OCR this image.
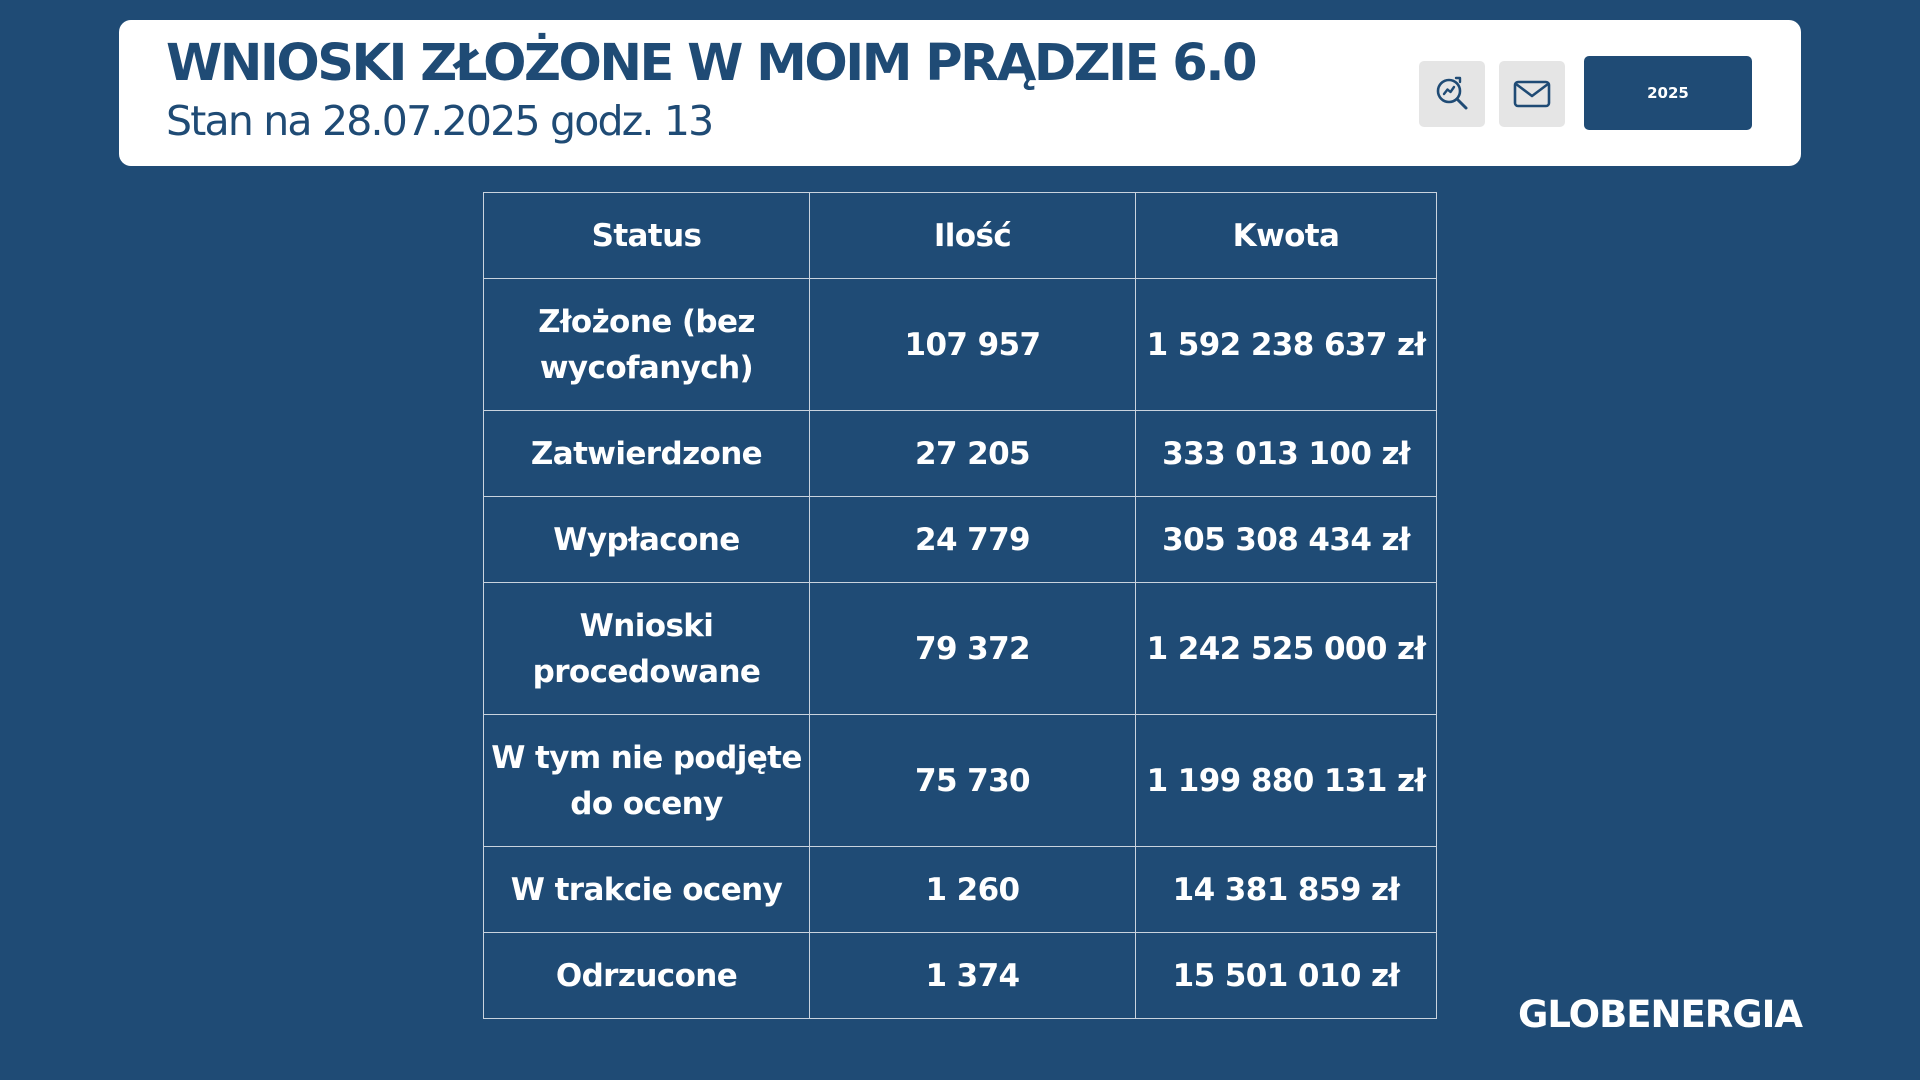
WNIOSKI ZŁOŻONE W MOIM PRĄDZIE 6.0
Stan na 28.07.2025 godz. 13
2025
Status	Ilość	Kwota
Złożone (bez wycofanych)	107 957	1 592 238 637 zł
Zatwierdzone	27 205	333 013 100 zł
Wypłacone	24 779	305 308 434 zł
Wnioski procedowane	79 372	1 242 525 000 zł
W tym nie podjęte do oceny	75 730	1 199 880 131 zł
W trakcie oceny	1 260	14 381 859 zł
Odrzucone	1 374	15 501 010 zł
GLOBENERGIA
